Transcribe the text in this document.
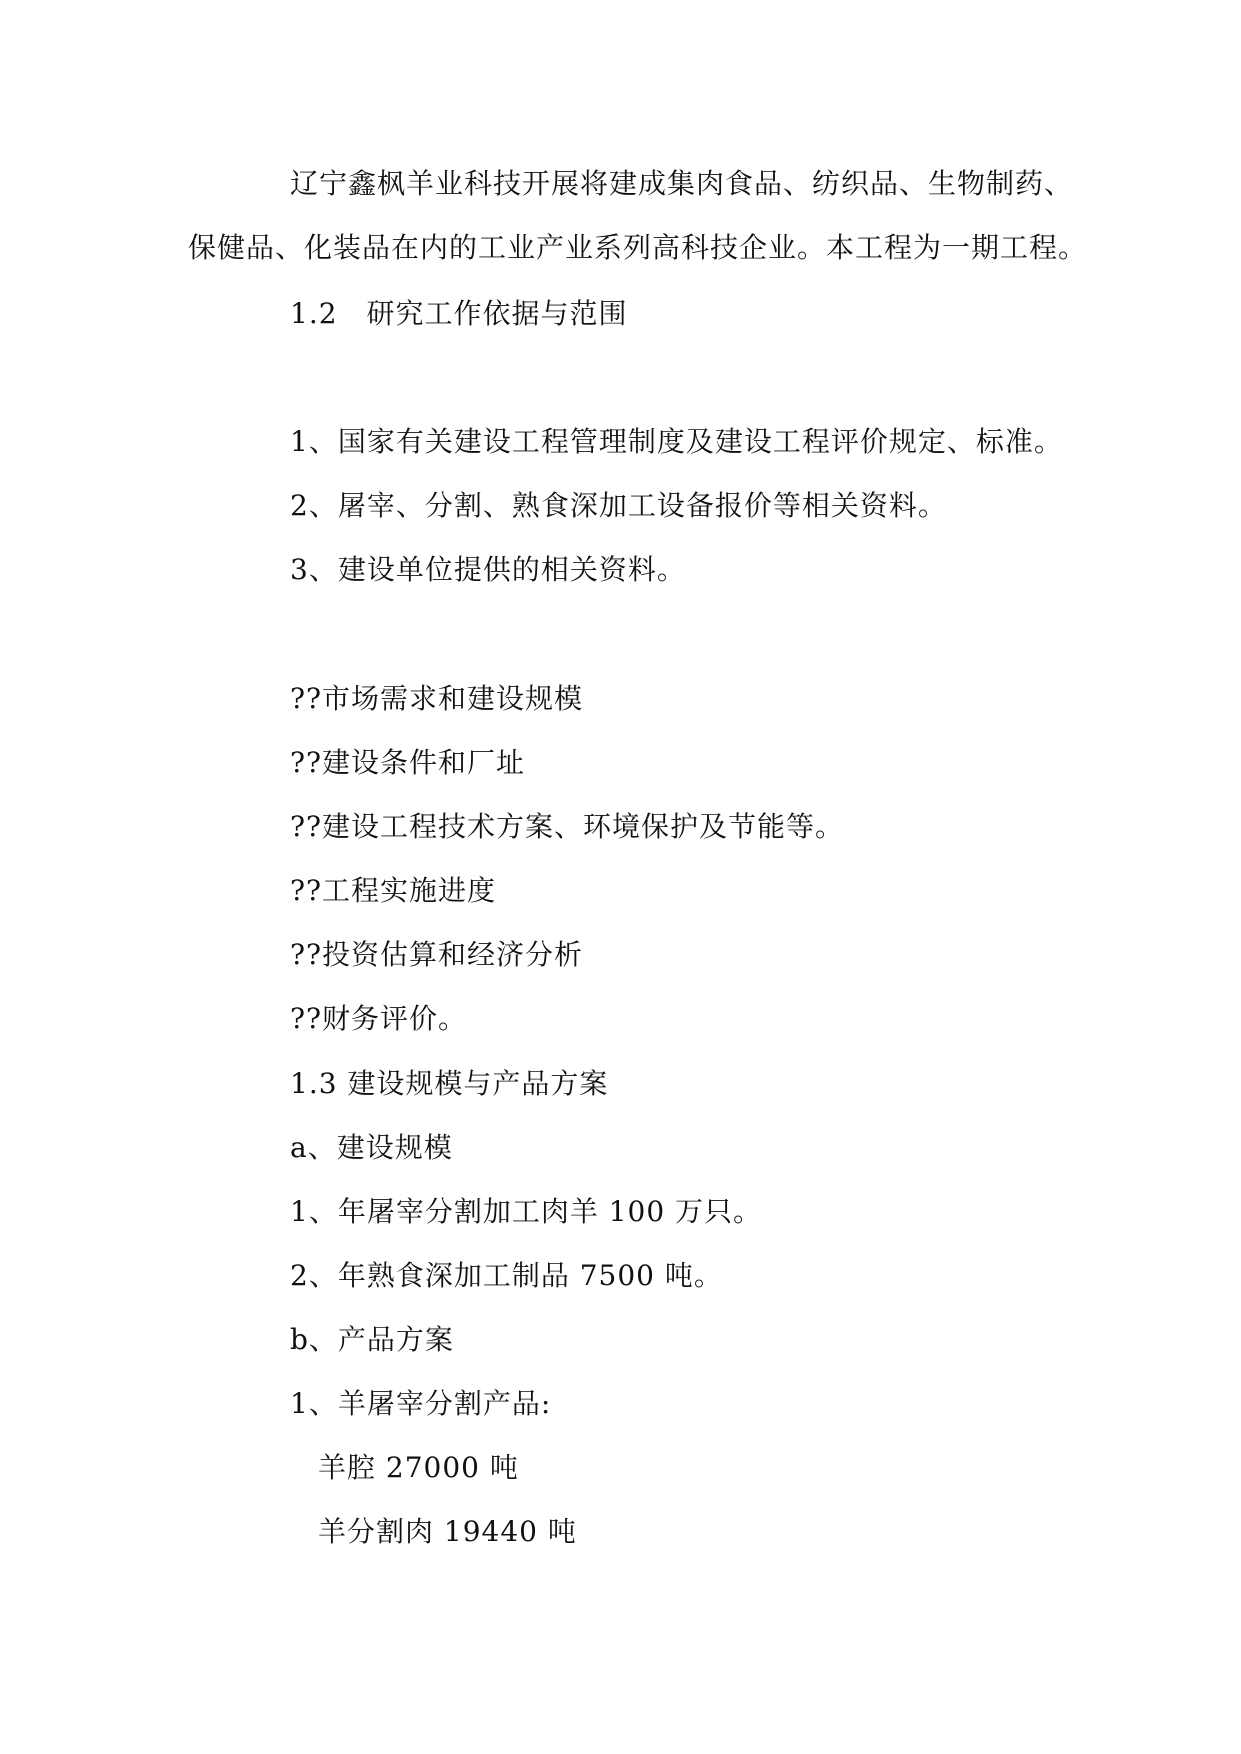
辽宁鑫枫羊业科技开展将建成集肉食品、纺织品、生物制药、
保健品、化装品在内的工业产业系列高科技企业。本工程为一期工程。
1.2　研究工作依据与范围
1、国家有关建设工程管理制度及建设工程评价规定、标准。
2、屠宰、分割、熟食深加工设备报价等相关资料。
3、建设单位提供的相关资料。
??市场需求和建设规模
??建设条件和厂址
??建设工程技术方案、环境保护及节能等。
??工程实施进度
??投资估算和经济分析
??财务评价。
1.3 建设规模与产品方案
a、建设规模
1、年屠宰分割加工肉羊 100 万只。
2、年熟食深加工制品 7500 吨。
b、产品方案
1、羊屠宰分割产品:
羊腔 27000 吨
羊分割肉 19440 吨
